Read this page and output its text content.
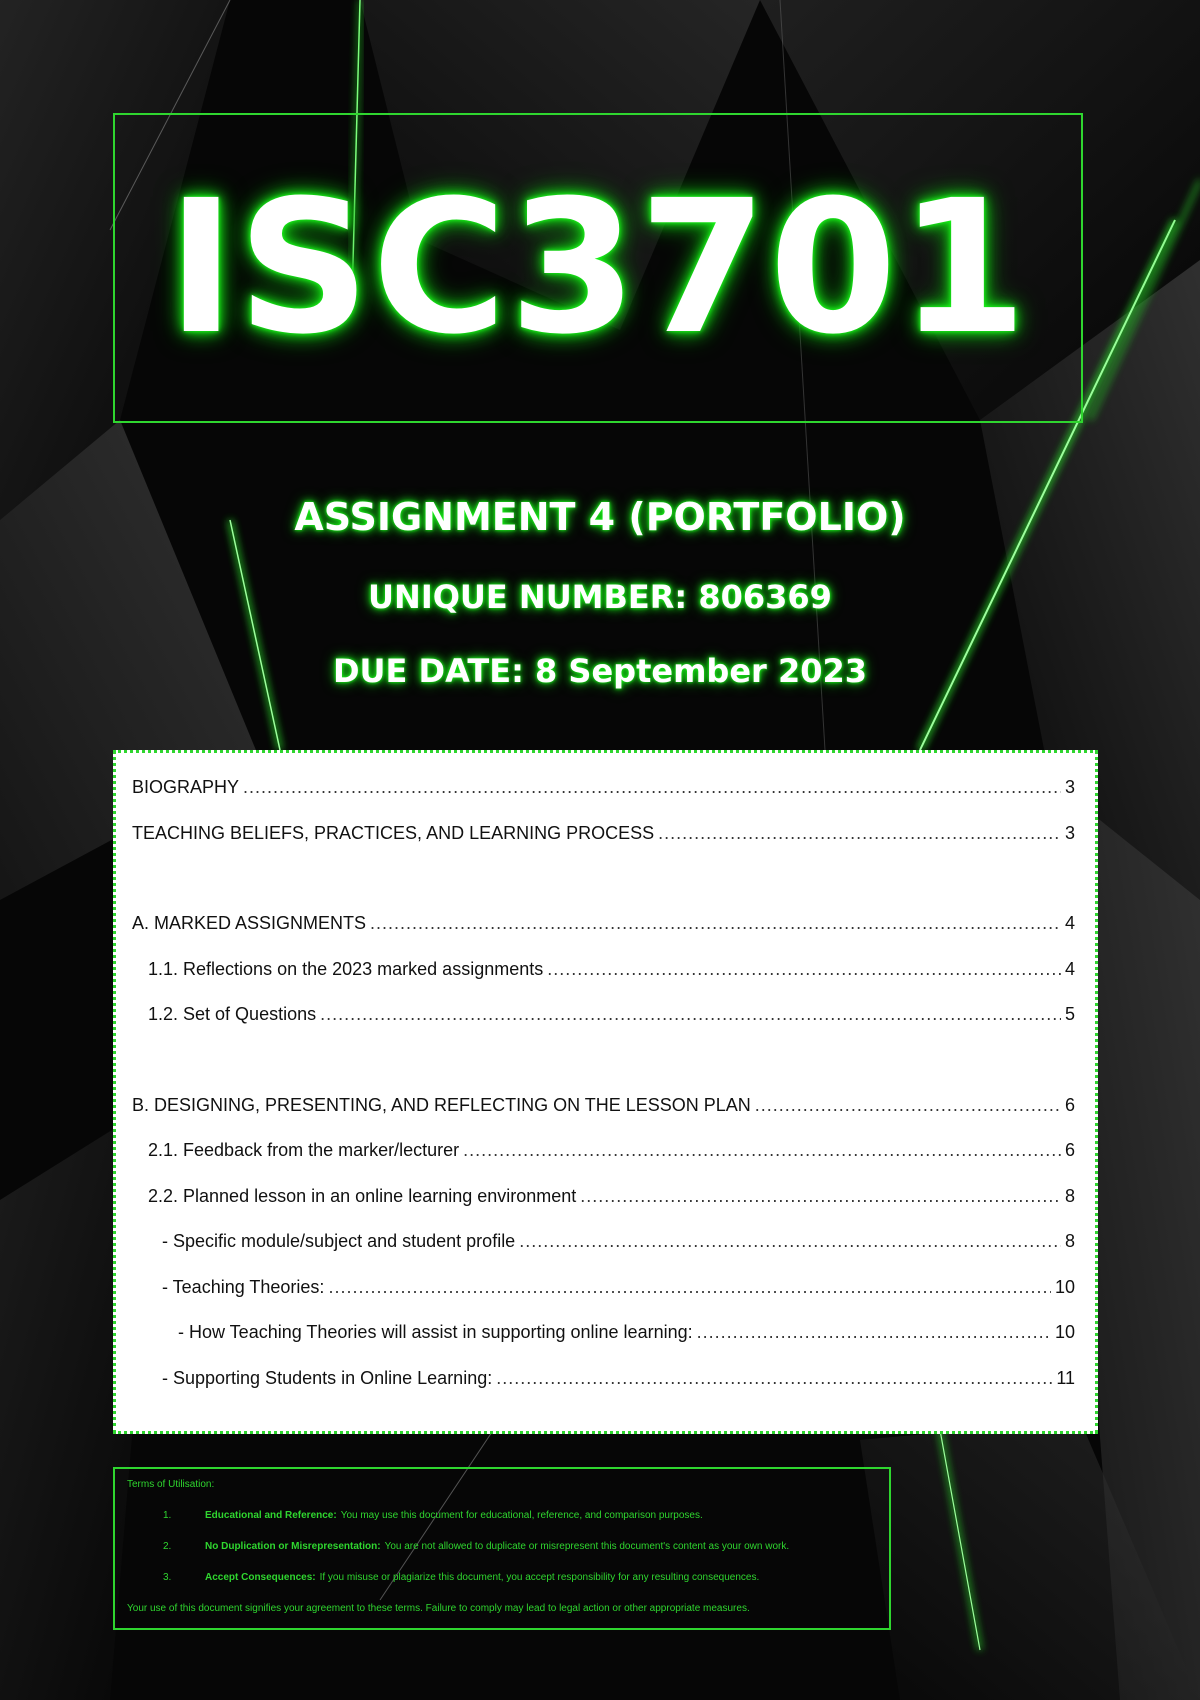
ISC3701
ASSIGNMENT 4 (PORTFOLIO)
UNIQUE NUMBER: 806369
DUE DATE: 8 September 2023
BIOGRAPHY .....	3
TEACHING BELIEFS, PRACTICES, AND LEARNING PROCESS .....	3
A. MARKED ASSIGNMENTS .....	4
1.1. Reflections on the 2023 marked assignments .....	4
1.2. Set of Questions .....	5
B. DESIGNING, PRESENTING, AND REFLECTING ON THE LESSON PLAN .....	6
2.1. Feedback from the marker/lecturer .....	6
2.2. Planned lesson in an online learning environment .....	8
- Specific module/subject and student profile .....	8
- Teaching Theories: .....	10
- How Teaching Theories will assist in supporting online learning: .....	10
- Supporting Students in Online Learning: .....	11
Terms of Utilisation:
1.	Educational and Reference: You may use this document for educational, reference, and comparison purposes.
2.	No Duplication or Misrepresentation: You are not allowed to duplicate or misrepresent this document's content as your own work.
3.	Accept Consequences: If you misuse or plagiarize this document, you accept responsibility for any resulting consequences.
Your use of this document signifies your agreement to these terms. Failure to comply may lead to legal action or other appropriate measures.
